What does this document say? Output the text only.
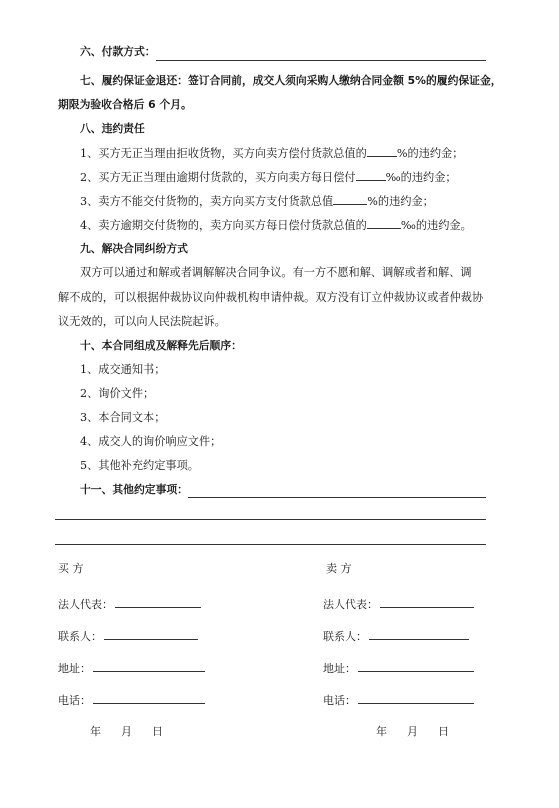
六、付款方式：
七、履约保证金退还：签订合同前，成交人须向采购人缴纳合同金额 5%的履约保证金，
期限为验收合格后 6 个月。
八、违约责任
1、买方无正当理由拒收货物，买方向卖方偿付货款总值的	%的违约金；
2、买方无正当理由逾期付货款的，买方向卖方每日偿付	‰的违约金；
3、卖方不能交付货物的，卖方向买方支付货款总值	%的违约金；
4、卖方逾期交付货物的，卖方向买方每日偿付货款总值的	‰的违约金。
九、解决合同纠纷方式
双方可以通过和解或者调解解决合同争议。有一方不愿和解、调解或者和解、调
解不成的，可以根据仲裁协议向仲裁机构申请仲裁。双方没有订立仲裁协议或者仲裁协
议无效的，可以向人民法院起诉。
十、本合同组成及解释先后顺序：
1、成交通知书；
2、询价文件；
3、本合同文本；
4、成交人的询价响应文件；
5、其他补充约定事项。
十一、其他约定事项：
买 方
法人代表：
联系人：
地址：
电话：
年 月 日
卖 方
法人代表：
联系人：
地址：
电话：
年 月 日
